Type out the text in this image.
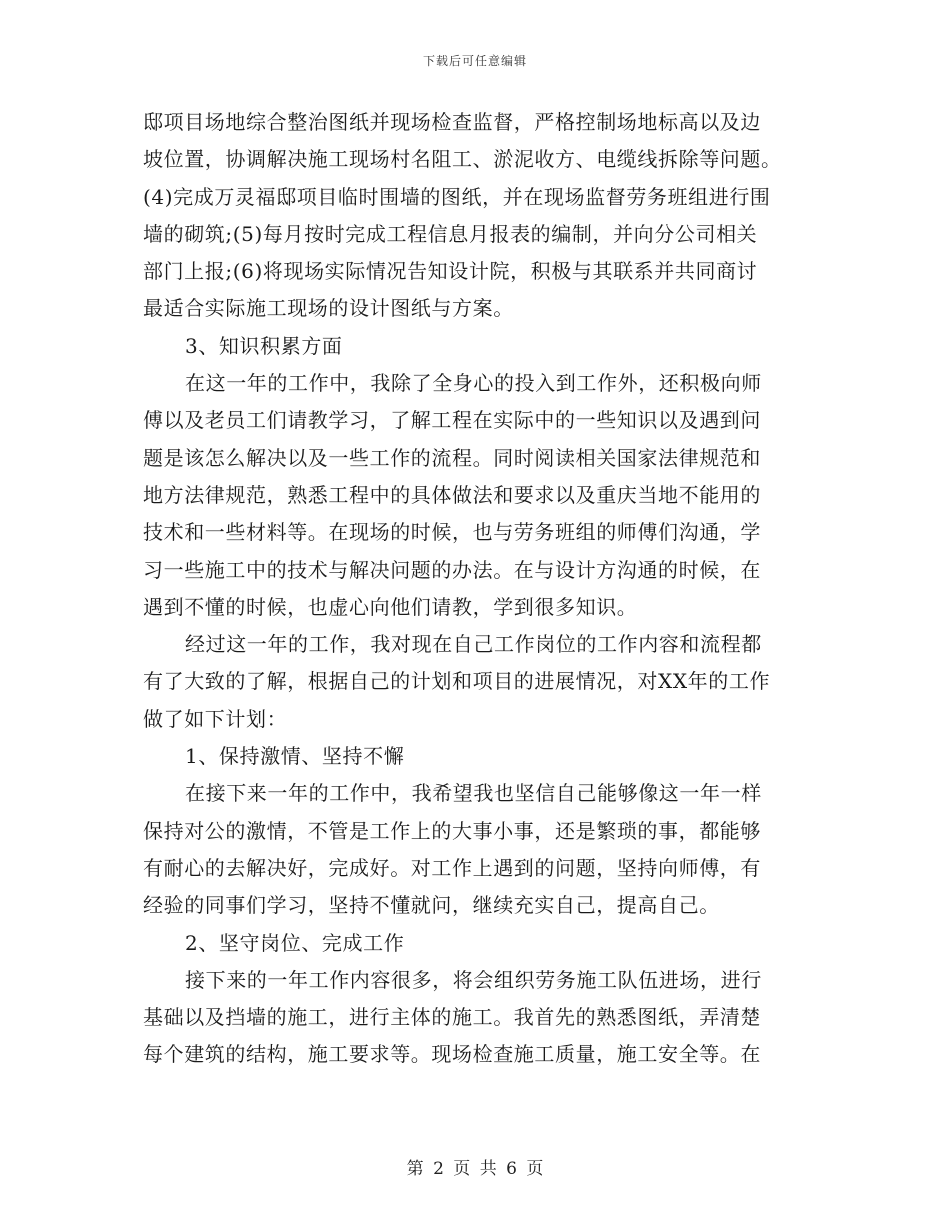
下载后可任意编辑
邸项目场地综合整治图纸并现场检查监督，严格控制场地标高以及边
坡位置，协调解决施工现场村名阻工、淤泥收方、电缆线拆除等问题。
(4)完成万灵福邸项目临时围墙的图纸，并在现场监督劳务班组进行围
墙的砌筑;(5)每月按时完成工程信息月报表的编制，并向分公司相关
部门上报;(6)将现场实际情况告知设计院，积极与其联系并共同商讨
最适合实际施工现场的设计图纸与方案。
3、知识积累方面
在这一年的工作中，我除了全身心的投入到工作外，还积极向师
傅以及老员工们请教学习，了解工程在实际中的一些知识以及遇到问
题是该怎么解决以及一些工作的流程。同时阅读相关国家法律规范和
地方法律规范，熟悉工程中的具体做法和要求以及重庆当地不能用的
技术和一些材料等。在现场的时候，也与劳务班组的师傅们沟通，学
习一些施工中的技术与解决问题的办法。在与设计方沟通的时候，在
遇到不懂的时候，也虚心向他们请教，学到很多知识。
经过这一年的工作，我对现在自己工作岗位的工作内容和流程都
有了大致的了解，根据自己的计划和项目的进展情况，对XX年的工作
做了如下计划：
1、保持激情、坚持不懈
在接下来一年的工作中，我希望我也坚信自己能够像这一年一样
保持对公的激情，不管是工作上的大事小事，还是繁琐的事，都能够
有耐心的去解决好，完成好。对工作上遇到的问题，坚持向师傅，有
经验的同事们学习，坚持不懂就问，继续充实自己，提高自己。
2、坚守岗位、完成工作
接下来的一年工作内容很多，将会组织劳务施工队伍进场，进行
基础以及挡墙的施工，进行主体的施工。我首先的熟悉图纸，弄清楚
每个建筑的结构，施工要求等。现场检查施工质量，施工安全等。在
第 2 页 共 6 页
